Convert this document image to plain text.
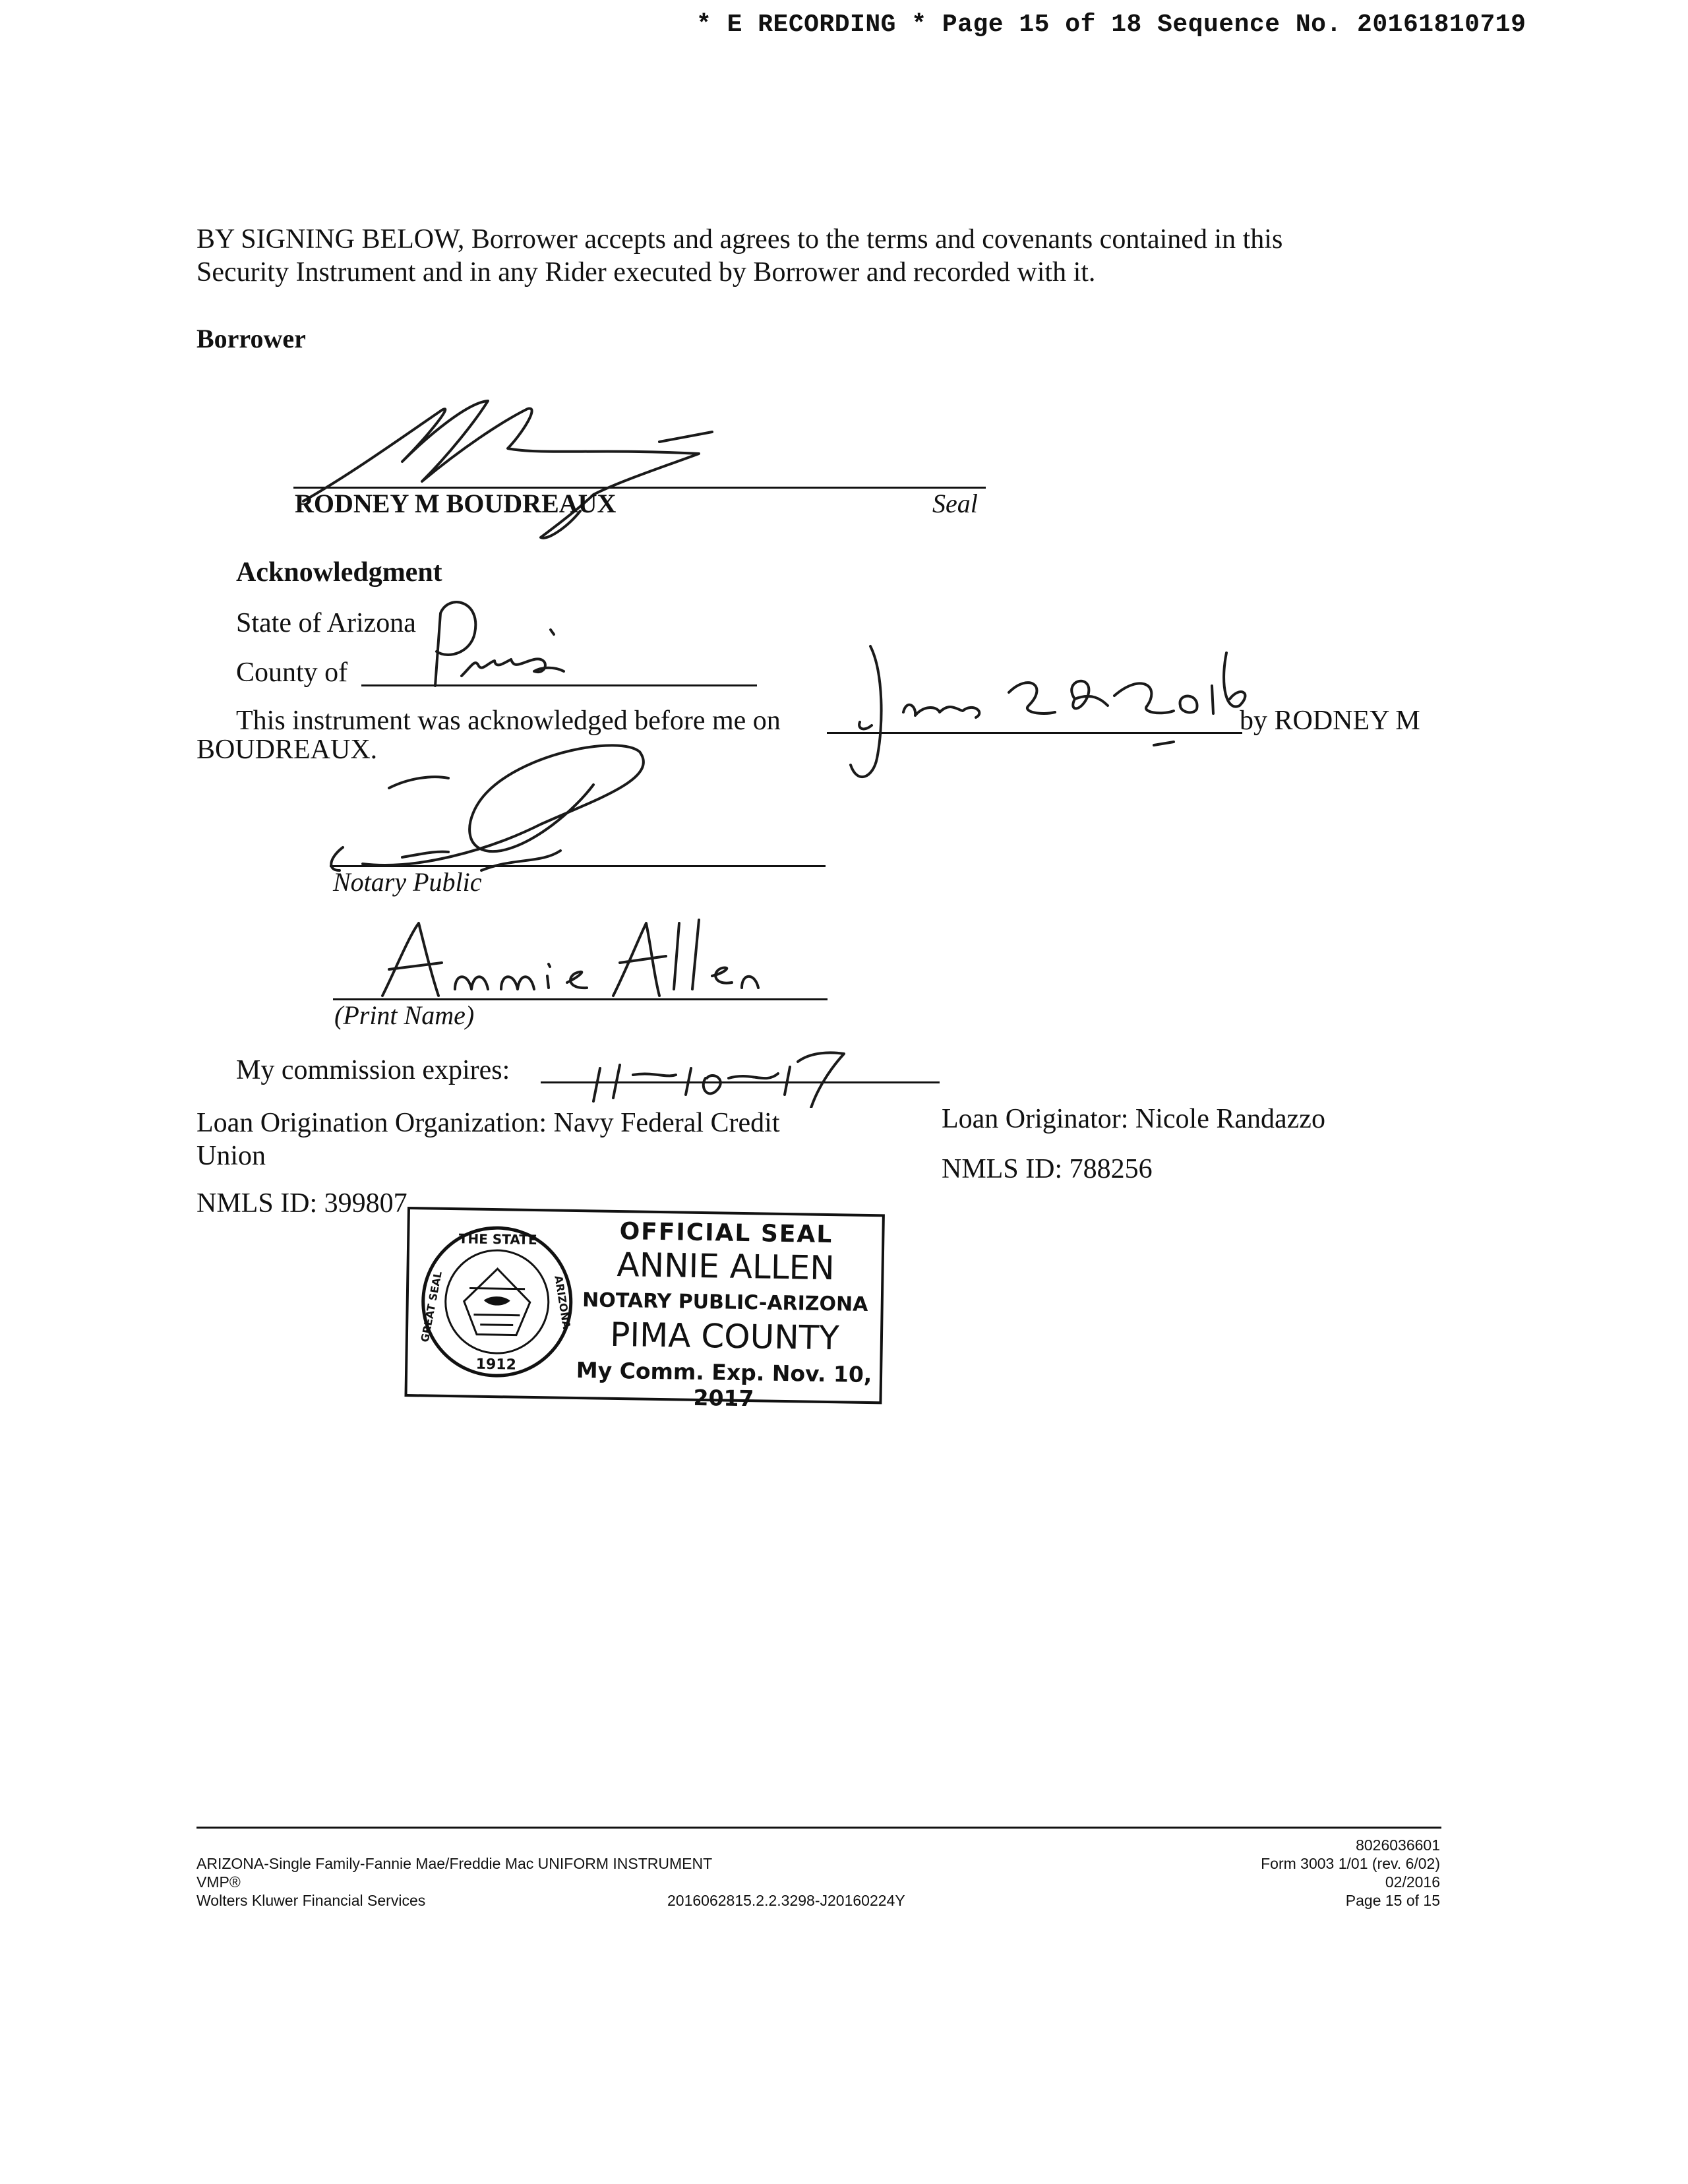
* E RECORDING * Page 15 of 18 Sequence No. 20161810719
BY SIGNING BELOW, Borrower accepts and agrees to the terms and covenants contained in this
Security Instrument and in any Rider executed by Borrower and recorded with it.
Borrower
RODNEY M BOUDREAUX	Seal
Acknowledgment
State of Arizona
County of
This instrument was acknowledged before me on	by RODNEY M
BOUDREAUX.
Notary Public
(Print Name)
My commission expires:
Loan Origination Organization: Navy Federal Credit
Union
NMLS ID: 399807
Loan Originator: Nicole Randazzo
NMLS ID: 788256
THE STATE
1912
GREAT SEAL	ARIZONA
OFFICIAL SEAL
ANNIE ALLEN
NOTARY PUBLIC-ARIZONA
PIMA COUNTY
My Comm. Exp. Nov. 10, 2017
ARIZONA-Single Family-Fannie Mae/Freddie Mac UNIFORM INSTRUMENT
VMP®
Wolters Kluwer Financial Services	2016062815.2.2.3298-J20160224Y
8026036601
Form 3003 1/01 (rev. 6/02)
02/2016
Page 15 of 15
